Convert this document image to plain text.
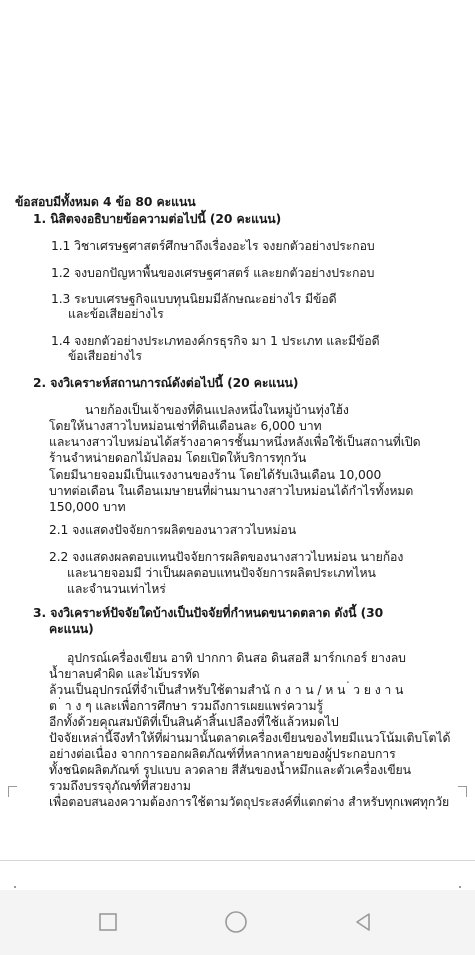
ข้อสอบมีทั้งหมด 4 ข้อ 80 คะแนน
1. นิสิตจงอธิบายข้อความต่อไปนี้ (20 คะแนน)
1.1 วิชาเศรษฐศาสตร์ศึกษาถึงเรื่องอะไร จงยกตัวอย่างประกอบ
1.2 จงบอกปัญหาพื้นของเศรษฐศาสตร์ และยกตัวอย่างประกอบ
1.3 ระบบเศรษฐกิจแบบทุนนิยมมีลักษณะอย่างไร มีข้อดี
และข้อเสียอย่างไร
1.4 จงยกตัวอย่างประเภทองค์กรธุรกิจ มา 1 ประเภท และมีข้อดี
ข้อเสียอย่างไร
2. จงวิเคราะห์สถานการณ์ดังต่อไปนี้ (20 คะแนน)
นายก้องเป็นเจ้าของที่ดินแปลงหนึ่งในหมู่บ้านทุ่งใฮ้ง
โดยให้นางสาวไบหม่อนเช่าที่ดินเดือนละ 6,000 บาท
และนางสาวไบหม่อนได้สร้างอาคารชั้นมาหนึ่งหลังเพื่อใช้เป็นสถานที่เปิด
ร้านจำหน่ายดอกไม้ปลอม โดยเปิดให้บริการทุกวัน
โดยมีนายจอมมีเป็นแรงงานของร้าน โดยได้รับเงินเดือน 10,000
บาทต่อเดือน ในเดือนเมษายนที่ผ่านมานางสาวไบหม่อนได้กำไรทั้งหมด
150,000 บาท
2.1 จงแสดงปัจจัยการผลิตของนาวสาวไบหม่อน
2.2 จงแสดงผลตอบแทนปัจจัยการผลิตของนางสาวไบหม่อน นายก้อง
และนายจอมมี ว่าเป็นผลตอบแทนปัจจัยการผลิตประเภทไหน
และจำนวนเท่าไหร่
3. จงวิเคราะห์ปัจจัยใดบ้างเป็นปัจจัยที่กำหนดขนาดตลาด ดังนี้ (30
คะแนน)
อุปกรณ์เครื่องเขียน อาทิ ปากกา ดินสอ ดินสอสี มาร์กเกอร์ ยางลบ
น้ำยาลบคำผิด และไม้บรรทัด
ล้วนเป็นอุปกรณ์ที่จำเป็นสำหรับใช้ตามสำนั ก ง า น / ห น ่ ว ย ง า น
ต ่ า ง ๆ และเพื่อการศึกษา รวมถึงการเผยแพร่ความรู้
อีกทั้งด้วยคุณสมบัติที่เป็นสินค้าสิ้นเปลืองที่ใช้แล้วหมดไป
ปัจจัยเหล่านี้จึงทำให้ที่ผ่านมานั้นตลาดเครื่องเขียนของไทยมีแนวโน้มเติบโตได้
อย่างต่อเนื่อง จากการออกผลิตภัณฑ์ที่หลากหลายของผู้ประกอบการ
ทั้งชนิดผลิตภัณฑ์ รูปแบบ ลวดลาย สีสันของน้ำหมึกและตัวเครื่องเขียน
รวมถึงบรรจุภัณฑ์ที่สวยงาม
เพื่อตอบสนองความต้องการใช้ตามวัตถุประสงค์ที่แตกต่าง สำหรับทุกเพศทุกวัย
